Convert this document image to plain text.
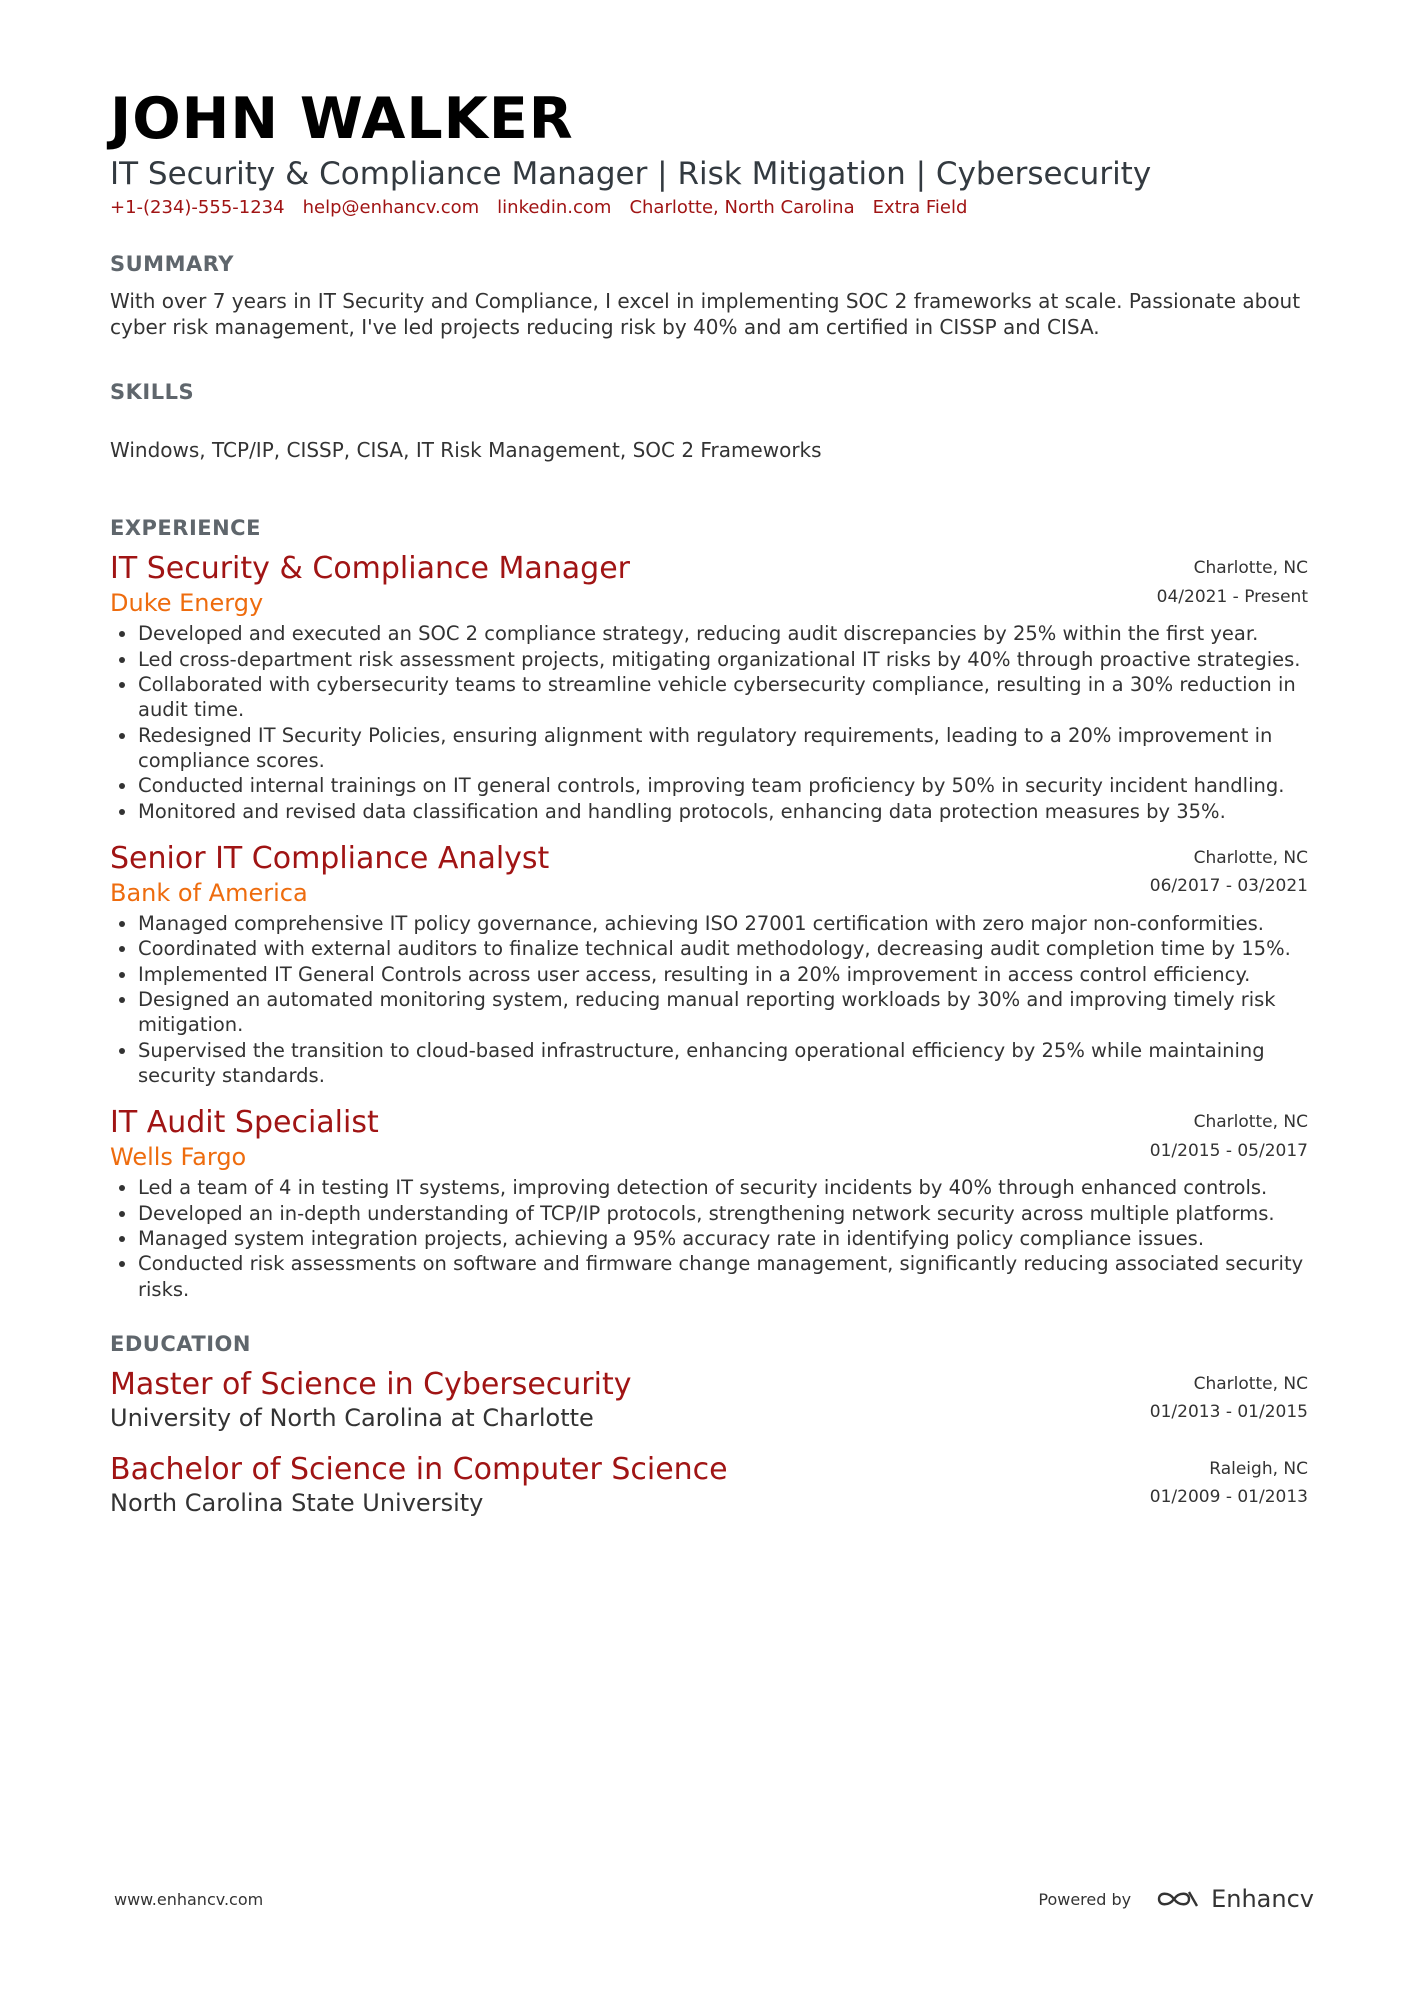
JOHN WALKER
IT Security & Compliance Manager | Risk Mitigation | Cybersecurity
+1-(234)-555-1234 help@enhancv.com linkedin.com Charlotte, North Carolina Extra Field
SUMMARY
With over 7 years in IT Security and Compliance, I excel in implementing SOC 2 frameworks at scale. Passionate about cyber risk management, I've led projects reducing risk by 40% and am certified in CISSP and CISA.
SKILLS
Windows, TCP/IP, CISSP, CISA, IT Risk Management, SOC 2 Frameworks
EXPERIENCE
IT Security & Compliance Manager
Duke Energy
Charlotte, NC
04/2021 - Present
• Developed and executed an SOC 2 compliance strategy, reducing audit discrepancies by 25% within the first year.
• Led cross-department risk assessment projects, mitigating organizational IT risks by 40% through proactive strategies.
• Collaborated with cybersecurity teams to streamline vehicle cybersecurity compliance, resulting in a 30% reduction in audit time.
• Redesigned IT Security Policies, ensuring alignment with regulatory requirements, leading to a 20% improvement in compliance scores.
• Conducted internal trainings on IT general controls, improving team proficiency by 50% in security incident handling.
• Monitored and revised data classification and handling protocols, enhancing data protection measures by 35%.
Senior IT Compliance Analyst
Bank of America
Charlotte, NC
06/2017 - 03/2021
• Managed comprehensive IT policy governance, achieving ISO 27001 certification with zero major non-conformities.
• Coordinated with external auditors to finalize technical audit methodology, decreasing audit completion time by 15%.
• Implemented IT General Controls across user access, resulting in a 20% improvement in access control efficiency.
• Designed an automated monitoring system, reducing manual reporting workloads by 30% and improving timely risk mitigation.
• Supervised the transition to cloud-based infrastructure, enhancing operational efficiency by 25% while maintaining security standards.
IT Audit Specialist
Wells Fargo
Charlotte, NC
01/2015 - 05/2017
• Led a team of 4 in testing IT systems, improving detection of security incidents by 40% through enhanced controls.
• Developed an in-depth understanding of TCP/IP protocols, strengthening network security across multiple platforms.
• Managed system integration projects, achieving a 95% accuracy rate in identifying policy compliance issues.
• Conducted risk assessments on software and firmware change management, significantly reducing associated security risks.
EDUCATION
Master of Science in Cybersecurity
University of North Carolina at Charlotte
Charlotte, NC
01/2013 - 01/2015
Bachelor of Science in Computer Science
North Carolina State University
Raleigh, NC
01/2009 - 01/2013
www.enhancv.com	Powered by	Enhancv
